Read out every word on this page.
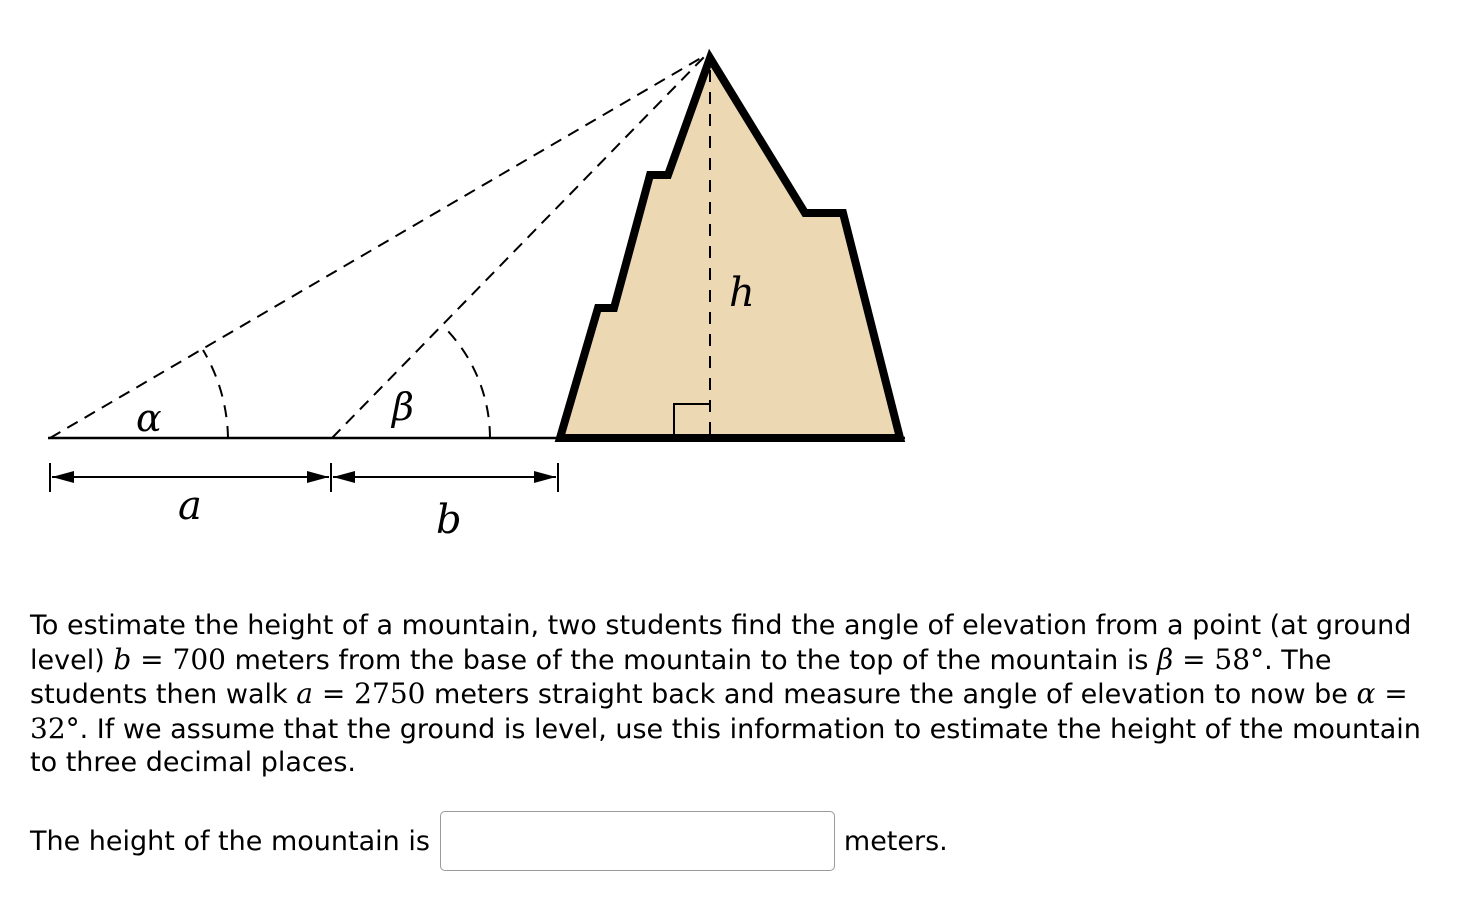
α	β
h
a	b
To estimate the height of a mountain, two students find the angle of elevation from a point (at ground level) b = 700 meters from the base of the mountain to the top of the mountain is β = 58°. The students then walk a = 2750 meters straight back and measure the angle of elevation to now be α = 32°. If we assume that the ground is level, use this information to estimate the height of the mountain to three decimal places.
The height of the mountain is	meters.
